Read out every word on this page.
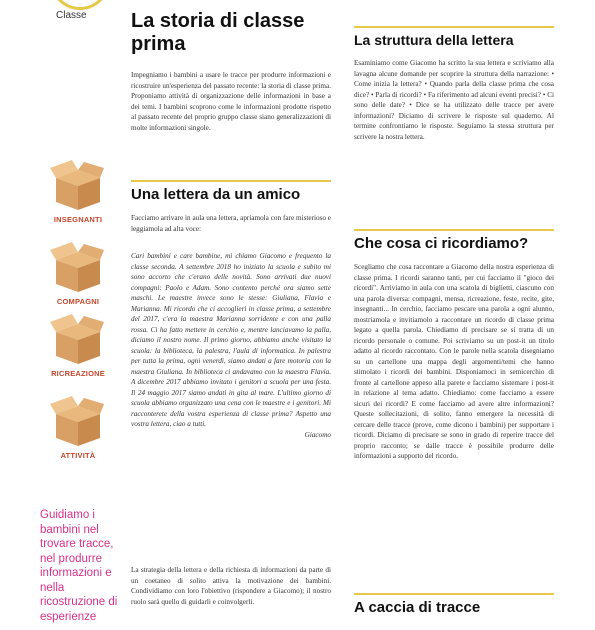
Classe
INSEGNANTI
COMPAGNI
RICREAZIONE
ATTIVITÀ
Guidiamo i bambini nel trovare tracce, nel produrre informazioni e nella ricostruzione di esperienze
La storia di classe prima

Impegniamo i bambini a usare le tracce per produrre informazioni e ricostruire un'esperienza del passato recente: la storia di classe prima. Proponiamo attività di organizzazione delle informazioni in base a dei temi. I bambini scoprono come le informazioni prodotte rispetto al passato recente del proprio gruppo classe siano generalizzazioni di molte informazioni singole.

Una lettera da un amico

Facciamo arrivare in aula una lettera, apriamola con fare misterioso e leggiamola ad alta voce:

Cari bambini e care bambine, mi chiamo Giacomo e frequento la classe seconda. A settembre 2018 ho iniziato la scuola e subito mi sono accorto che c'erano delle novità. Sono arrivati due nuovi compagni: Paolo e Adam. Sono contento perché ora siamo sette maschi. Le maestre invece sono le stesse: Giuliana, Flavia e Marianna. Mi ricordo che ci accoglieri in classe prima, a settembre del 2017, c'era la maestra Marianna sorridente e con una palla rossa. Ci ha fatto mettere in cerchio e, mentre lanciavamo la palla, diciamo il nostro nome. Il primo giorno, abbiamo anche visitato la scuola: la biblioteca, la palestra, l'aula di informatica. In palestra per tutta la prima, ogni venerdì, siamo andati a fare motoria con la maestra Giuliana. In biblioteca ci andavamo con la maestra Flavia. A dicembre 2017 abbiamo invitato i genitori a scuola per una festa. Il 24 maggio 2017 siamo andati in gita al mare. L'ultimo giorno di scuola abbiamo organizzato una cena con le maestre e i genitori. Mi racconterete della vostra esperienza di classe prima? Aspetto una vostra lettera, ciao a tutti.

Giacomo

La strategia della lettera e della richiesta di informazioni da parte di un coetaneo di solito attiva la motivazione dei bambini. Condividiamo con loro l'obiettivo (rispondere a Giacomo); il nostro ruolo sarà quello di guidarli e coinvolgerli.

La struttura della lettera

Esaminiamo come Giacomo ha scritto la sua lettera e scriviamo alla lavagna alcune domande per scoprire la struttura della narrazione: • Come inizia la lettera? • Quando parla della classe prima che cosa dice? • Parla di ricordi? • Fa riferimento ad alcuni eventi precisi? • Ci sono delle date? • Dice se ha utilizzato delle tracce per avere informazioni? Diciamo di scrivere le risposte sul quaderno. Al termine confrontiamo le risposte. Seguiamo la stessa struttura per scrivere la nostra lettera.

Che cosa ci ricordiamo?

Scegliamo che cosa raccontare a Giacomo della nostra esperienza di classe prima. I ricordi saranno tanti, per cui facciamo il "gioco dei ricordi". Arriviamo in aula con una scatola di biglietti, ciascuno con una parola diversa: compagni, mensa, ricreazione, feste, recite, gite, insegnanti... In cerchio, facciamo pescare una parola a ogni alunno, mostriamola e invitiamolo a raccontare un ricordo di classe prima legato a quella parola. Chiediamo di precisare se si tratta di un ricordo personale o comune. Poi scriviamo su un post-it un titolo adatto al ricordo raccontato. Con le parole nella scatola disegniamo su un cartellone una mappa degli argomenti/temi che hanno stimolato i ricordi dei bambini. Disponiamoci in semicerchio di fronte al cartellone appeso alla parete e facciamo sistemare i post-it in relazione al tema adatto. Chiediamo: come facciamo a essere sicuri dei ricordi? E come facciamo ad avere altre informazioni? Queste sollecitazioni, di solito, fanno emergere la necessità di cercare delle tracce (prove, come dicono i bambini) per supportare i ricordi. Diciamo di precisare se sono in grado di reperire tracce del proprio racconto; se dalle tracce è possibile produrre delle informazioni a supporto del ricordo.

A caccia di tracce
